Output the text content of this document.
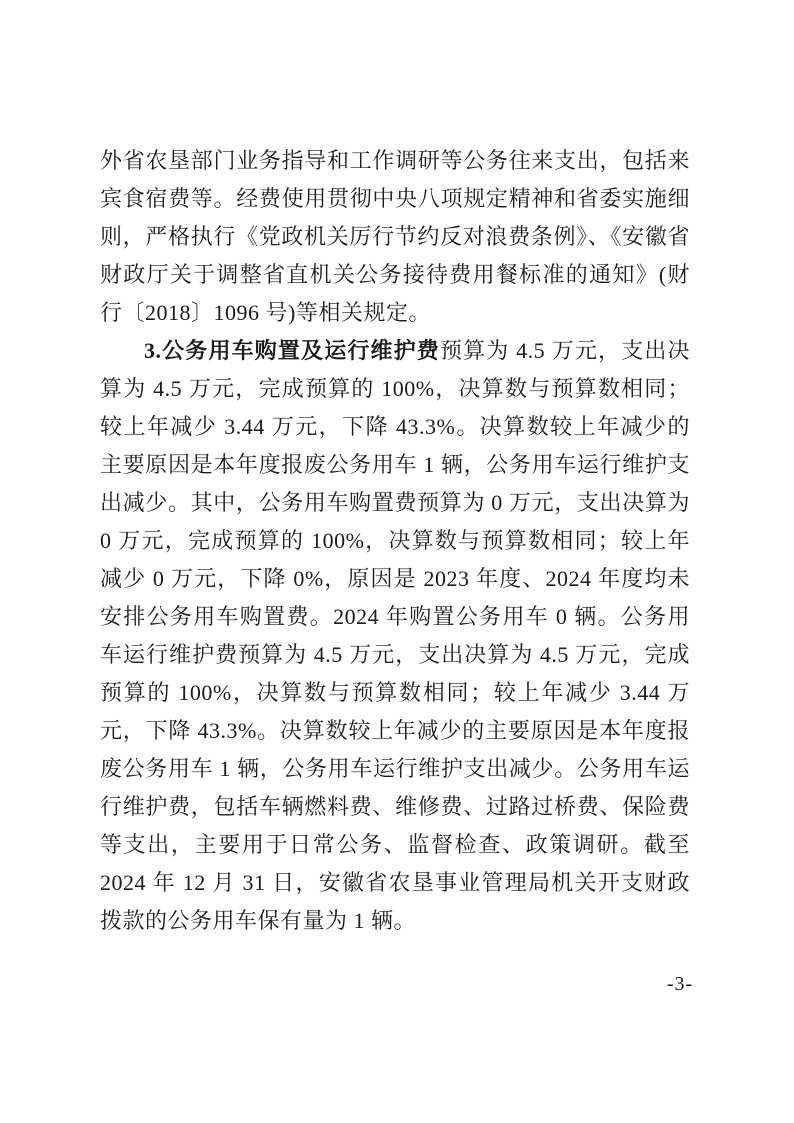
外省农垦部门业务指导和工作调研等公务往来支出，包括来宾食宿费等。经费使用贯彻中央八项规定精神和省委实施细则，严格执行《党政机关厉行节约反对浪费条例》、《安徽省财政厅关于调整省直机关公务接待费用餐标准的通知》(财行〔2018〕1096 号)等相关规定。

3.公务用车购置及运行维护费预算为 4.5 万元，支出决算为 4.5 万元，完成预算的 100%，决算数与预算数相同；较上年减少 3.44 万元，下降 43.3%。决算数较上年减少的主要原因是本年度报废公务用车 1 辆，公务用车运行维护支出减少。其中，公务用车购置费预算为 0 万元，支出决算为 0 万元，完成预算的 100%，决算数与预算数相同；较上年减少 0 万元，下降 0%，原因是 2023 年度、2024 年度均未安排公务用车购置费。2024 年购置公务用车 0 辆。公务用车运行维护费预算为 4.5 万元，支出决算为 4.5 万元，完成预算的 100%，决算数与预算数相同；较上年减少 3.44 万元，下降 43.3%。决算数较上年减少的主要原因是本年度报废公务用车 1 辆，公务用车运行维护支出减少。公务用车运行维护费，包括车辆燃料费、维修费、过路过桥费、保险费等支出，主要用于日常公务、监督检查、政策调研。截至 2024 年 12 月 31 日，安徽省农垦事业管理局机关开支财政拨款的公务用车保有量为 1 辆。

-3-
